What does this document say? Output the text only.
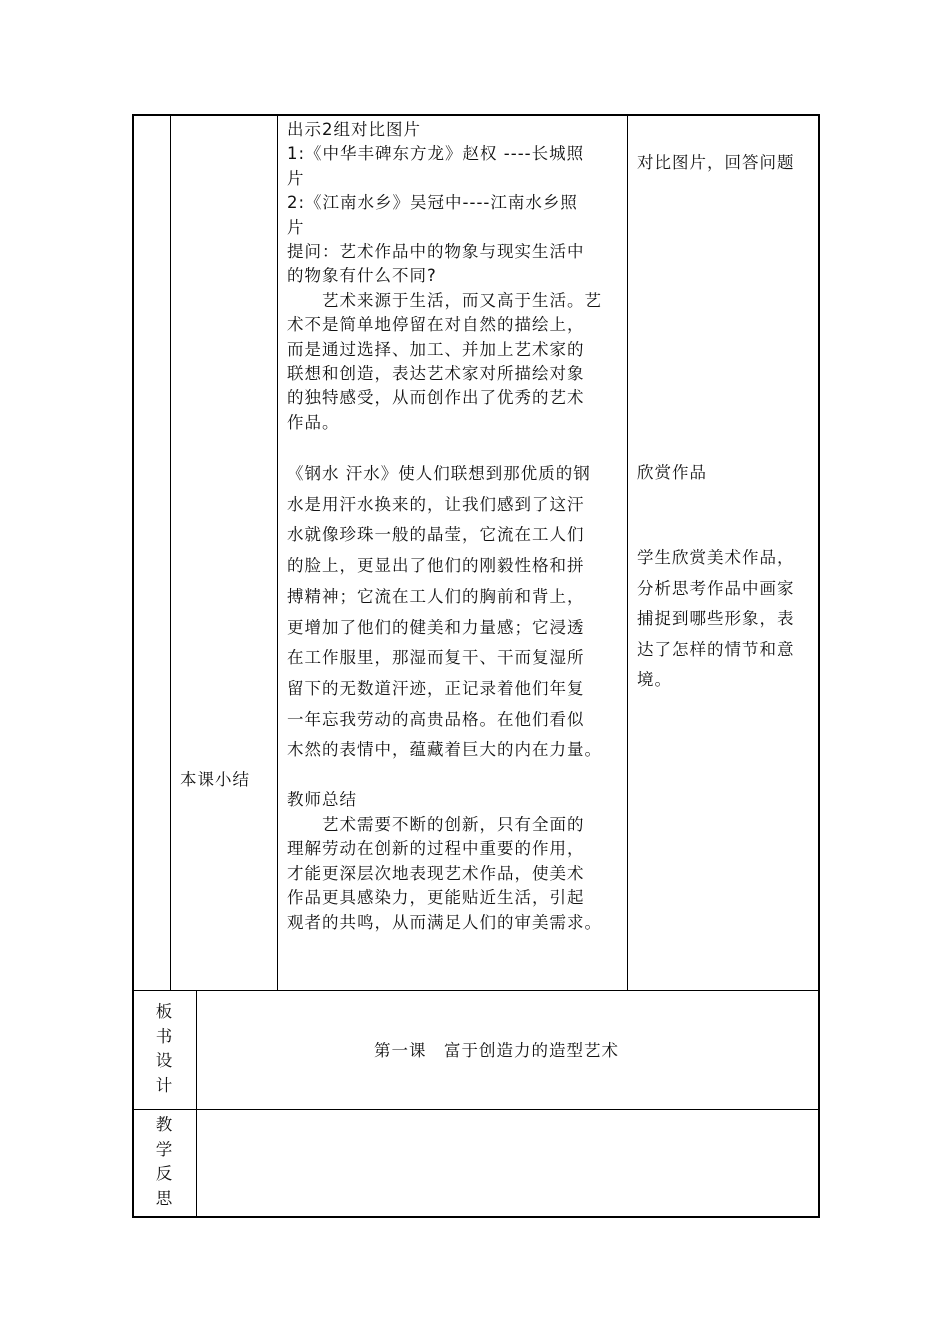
本课小结
出示2组对比图片
1:《中华丰碑东方龙》赵权 ----长城照
片
2:《江南水乡》吴冠中----江南水乡照
片
提问：艺术作品中的物象与现实生活中
的物象有什么不同?
　　艺术来源于生活，而又高于生活。艺
术不是简单地停留在对自然的描绘上，
而是通过选择、加工、并加上艺术家的
联想和创造，表达艺术家对所描绘对象
的独特感受，从而创作出了优秀的艺术
作品。
《钢水 汗水》使人们联想到那优质的钢
水是用汗水换来的，让我们感到了这汗
水就像珍珠一般的晶莹，它流在工人们
的脸上，更显出了他们的刚毅性格和拼
搏精神；它流在工人们的胸前和背上，
更增加了他们的健美和力量感；它浸透
在工作服里，那湿而复干、干而复湿所
留下的无数道汗迹，正记录着他们年复
一年忘我劳动的高贵品格。在他们看似
木然的表情中，蕴藏着巨大的内在力量。
教师总结
　　艺术需要不断的创新，只有全面的
理解劳动在创新的过程中重要的作用，
才能更深层次地表现艺术作品，使美术
作品更具感染力，更能贴近生活，引起
观者的共鸣，从而满足人们的审美需求。
对比图片，回答问题
欣赏作品
学生欣赏美术作品，
分析思考作品中画家
捕捉到哪些形象，表
达了怎样的情节和意
境。
板
书
设
计
第一课　富于创造力的造型艺术
教
学
反
思
